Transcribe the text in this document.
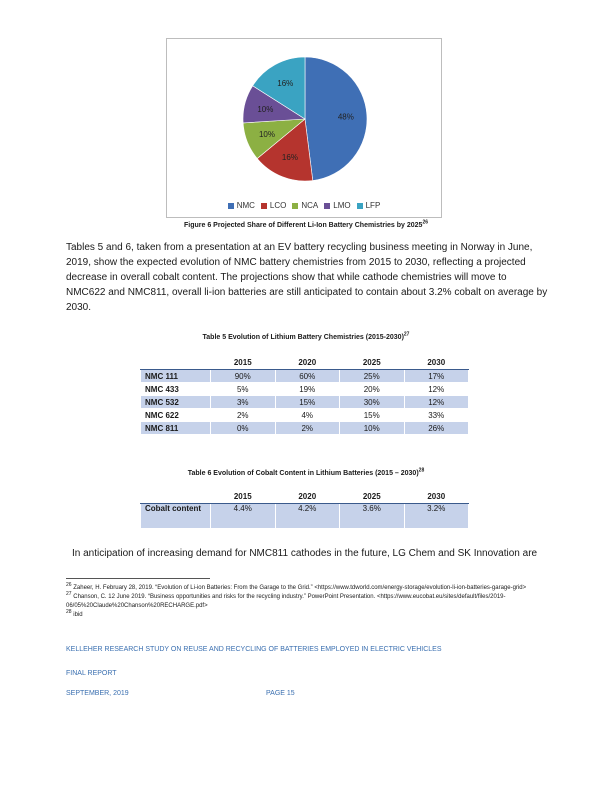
48%
16%
10%
10%
16%
NMC LCO NCA LMO LFP
Figure 6 Projected Share of Different Li-Ion Battery Chemistries by 2025$^{26}$

Tables 5 and 6, taken from a presentation at an EV battery recycling business meeting in Norway in June, 2019, show the expected evolution of NMC battery chemistries from 2015 to 2030, reflecting a projected decrease in overall cobalt content. The projections show that while cathode chemistries will move to NMC622 and NMC811, overall li-ion batteries are still anticipated to contain about 3.2% cobalt on average by 2030.

Table 5 Evolution of Lithium Battery Chemistries (2015-2030)$^{27}$
	2015	2020	2025	2030
NMC 111	90%	60%	25%	17%
NMC 433	5%	19%	20%	12%
NMC 532	3%	15%	30%	12%
NMC 622	2%	4%	15%	33%
NMC 811	0%	2%	10%	26%
Table 6 Evolution of Cobalt Content in Lithium Batteries (2015 – 2030)$^{28}$
	2015	2020	2025	2030
Cobalt content	4.4%	4.2%	3.6%	3.2%

In anticipation of increasing demand for NMC811 cathodes in the future, LG Chem and SK Innovation are

$^{26}$ Zaheer, H. February 28, 2019. “Evolution of Li-ion Batteries: From the Garage to the Grid.” <https://www.tdworld.com/energy-storage/evolution-li-ion-batteries-garage-grid>

$^{27}$ Chanson, C. 12 June 2019. “Business opportunities and risks for the recycling industry.” PowerPoint Presentation. <https://www.eucobat.eu/sites/default/files/2019-06/05%20Claude%20Chanson%20RECHARGE.pdf>

$^{28}$ ibid

KELLEHER RESEARCH STUDY ON REUSE AND RECYCLING OF BATTERIES EMPLOYED IN ELECTRIC VEHICLES
FINAL REPORT
SEPTEMBER, 2019	PAGE 15
